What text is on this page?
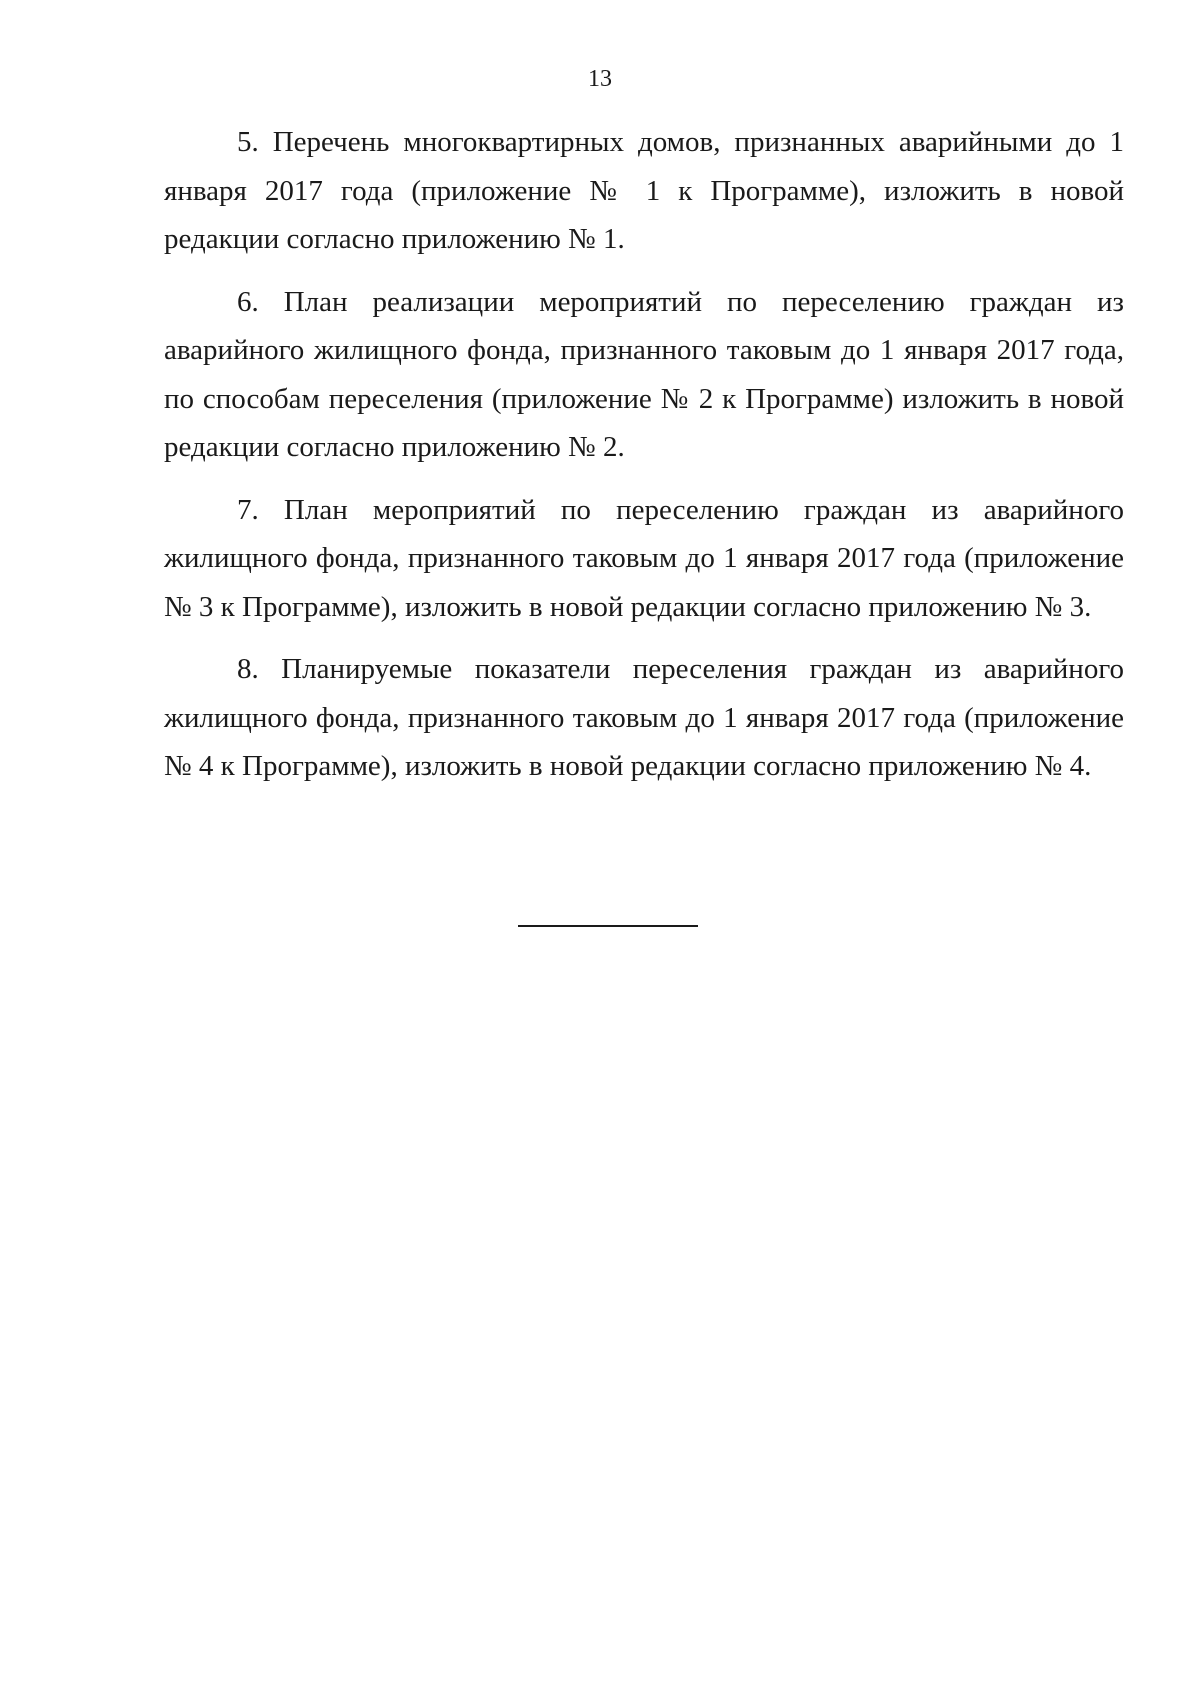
13

5. Перечень многоквартирных домов, признанных аварийными до 1 января 2017 года (приложение № 1 к Программе), изложить в новой редакции согласно приложению № 1.

6. План реализации мероприятий по переселению граждан из аварийного жилищного фонда, признанного таковым до 1 января 2017 года, по способам переселения (приложение № 2 к Программе) изложить в новой редакции согласно приложению № 2.

7. План мероприятий по переселению граждан из аварийного жилищного фонда, признанного таковым до 1 января 2017 года (приложение № 3 к Программе), изложить в новой редакции согласно приложению № 3.

8. Планируемые показатели переселения граждан из аварийного жилищного фонда, признанного таковым до 1 января 2017 года (приложение № 4 к Программе), изложить в новой редакции согласно приложению № 4.
